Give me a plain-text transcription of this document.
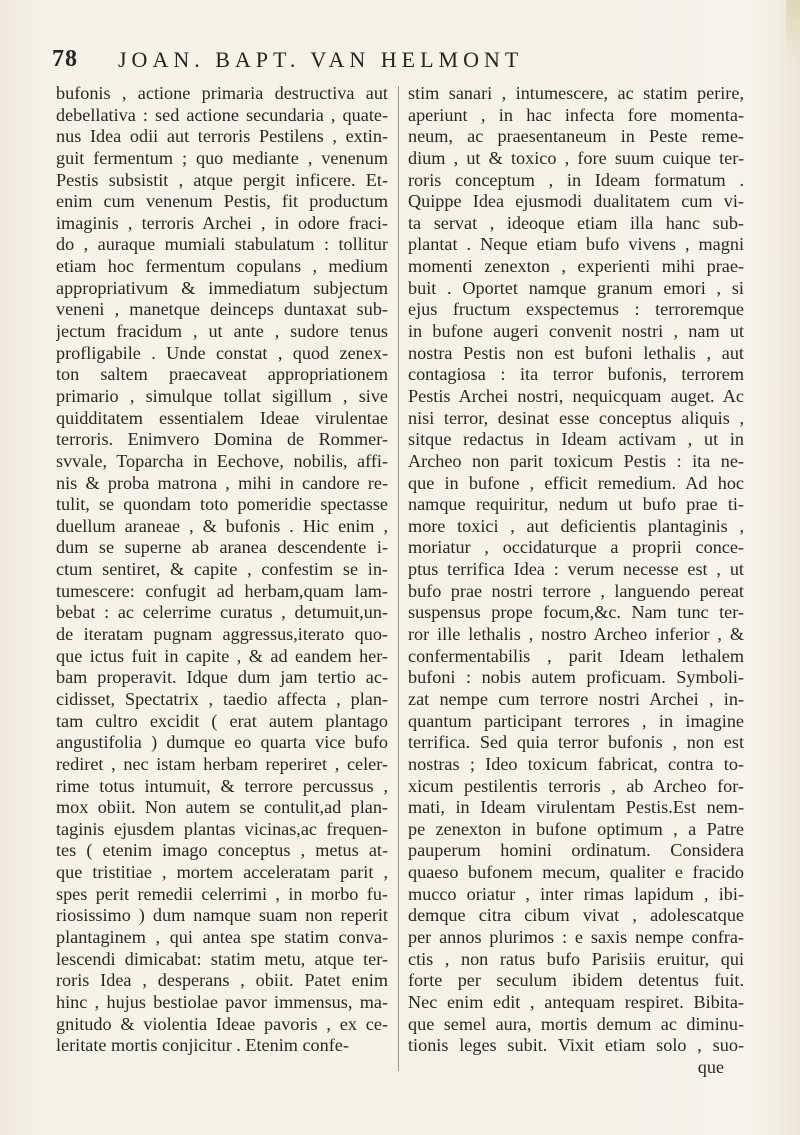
78 JOAN. BAPT. VAN HELMONT
bufonis , actione primaria destructiva aut
debellativa : sed actione secundaria , quate-
nus Idea odii aut terroris Pestilens , extin-
guit fermentum ; quo mediante , venenum
Pestis subsistit , atque pergit inficere. Et-
enim cum venenum Pestis, fit productum
imaginis , terroris Archei , in odore fraci-
do , auraque mumiali stabulatum : tollitur
etiam hoc fermentum copulans , medium
appropriativum & immediatum subjectum
veneni , manetque deinceps duntaxat sub-
jectum fracidum , ut ante , sudore tenus
profligabile . Unde constat , quod zenex-
ton saltem praecaveat appropriationem
primario , simulque tollat sigillum , sive
quidditatem essentialem Ideae virulentae
terroris. Enimvero Domina de Rommer-
svvale, Toparcha in Eechove, nobilis, affi-
nis & proba matrona , mihi in candore re-
tulit, se quondam toto pomeridie spectasse
duellum araneae , & bufonis . Hic enim ,
dum se superne ab aranea descendente i-
ctum sentiret, & capite , confestim se in-
tumescere: confugit ad herbam,quam lam-
bebat : ac celerrime curatus , detumuit,un-
de iteratam pugnam aggressus,iterato quo-
que ictus fuit in capite , & ad eandem her-
bam properavit. Idque dum jam tertio ac-
cidisset, Spectatrix , taedio affecta , plan-
tam cultro excidit ( erat autem plantago
angustifolia ) dumque eo quarta vice bufo
rediret , nec istam herbam reperiret , celer-
rime totus intumuit, & terrore percussus ,
mox obiit. Non autem se contulit,ad plan-
taginis ejusdem plantas vicinas,ac frequen-
tes ( etenim imago conceptus , metus at-
que tristitiae , mortem acceleratam parit ,
spes perit remedii celerrimi , in morbo fu-
riosissimo ) dum namque suam non reperit
plantaginem , qui antea spe statim conva-
lescendi dimicabat: statim metu, atque ter-
roris Idea , desperans , obiit. Patet enim
hinc , hujus bestiolae pavor immensus, ma-
gnitudo & violentia Ideae pavoris , ex ce-
leritate mortis conjicitur . Etenim confe-
stim sanari , intumescere, ac statim perire,
aperiunt , in hac infecta fore momenta-
neum, ac praesentaneum in Peste reme-
dium , ut & toxico , fore suum cuique ter-
roris conceptum , in Ideam formatum .
Quippe Idea ejusmodi dualitatem cum vi-
ta servat , ideoque etiam illa hanc sub-
plantat . Neque etiam bufo vivens , magni
momenti zenexton , experienti mihi prae-
buit . Oportet namque granum emori , si
ejus fructum exspectemus : terroremque
in bufone augeri convenit nostri , nam ut
nostra Pestis non est bufoni lethalis , aut
contagiosa : ita terror bufonis, terrorem
Pestis Archei nostri, nequicquam auget. Ac
nisi terror, desinat esse conceptus aliquis ,
sitque redactus in Ideam activam , ut in
Archeo non parit toxicum Pestis : ita ne-
que in bufone , efficit remedium. Ad hoc
namque requiritur, nedum ut bufo prae ti-
more toxici , aut deficientis plantaginis ,
moriatur , occidaturque a proprii conce-
ptus terrifica Idea : verum necesse est , ut
bufo prae nostri terrore , languendo pereat
suspensus prope focum,&c. Nam tunc ter-
ror ille lethalis , nostro Archeo inferior , &
confermentabilis , parit Ideam lethalem
bufoni : nobis autem proficuam. Symboli-
zat nempe cum terrore nostri Archei , in-
quantum participant terrores , in imagine
terrifica. Sed quia terror bufonis , non est
nostras ; Ideo toxicum fabricat, contra to-
xicum pestilentis terroris , ab Archeo for-
mati, in Ideam virulentam Pestis.Est nem-
pe zenexton in bufone optimum , a Patre
pauperum homini ordinatum. Considera
quaeso bufonem mecum, qualiter e fracido
mucco oriatur , inter rimas lapidum , ibi-
demque citra cibum vivat , adolescatque
per annos plurimos : e saxis nempe confra-
ctis , non ratus bufo Parisiis eruitur, qui
forte per seculum ibidem detentus fuit.
Nec enim edit , antequam respiret. Bibita-
que semel aura, mortis demum ac diminu-
tionis leges subit. Vixit etiam solo , suo-
que
